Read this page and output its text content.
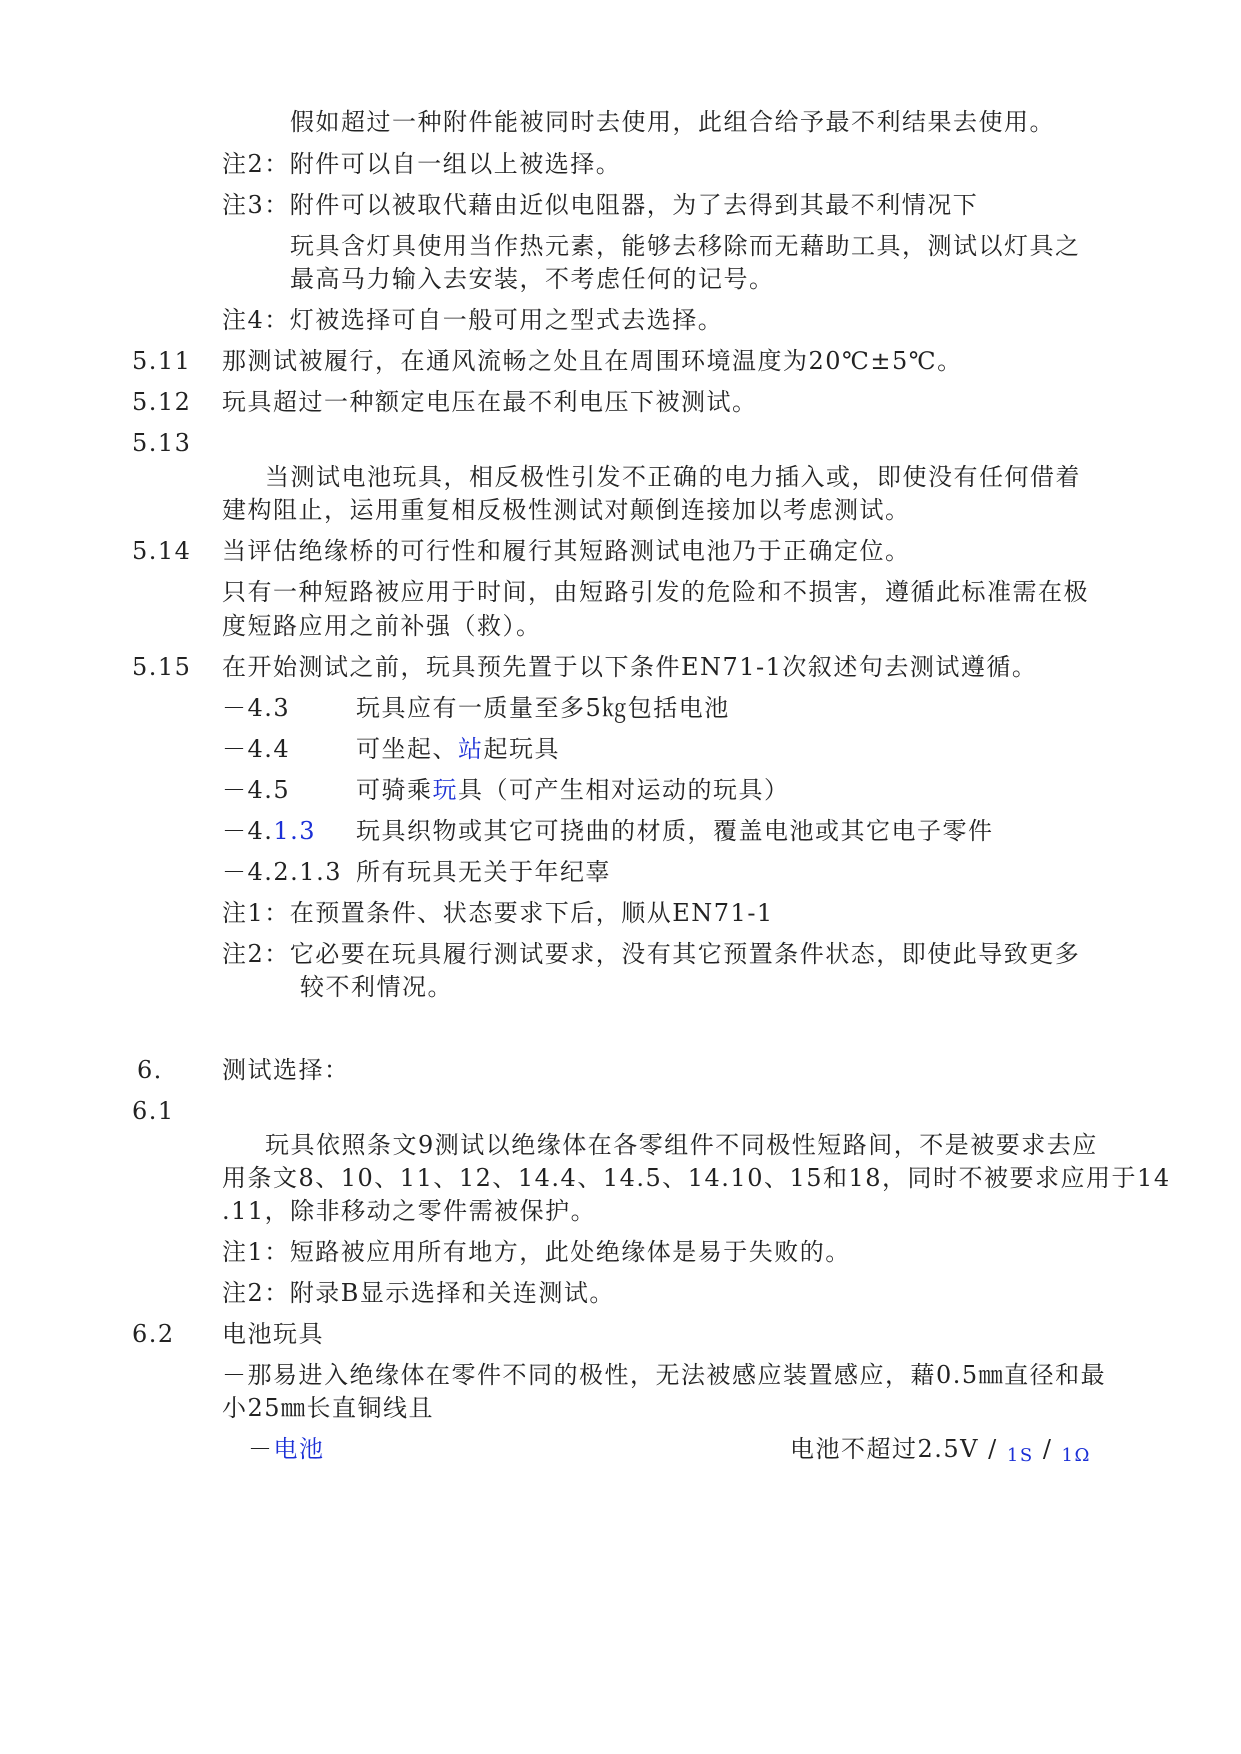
假如超过一种附件能被同时去使用，此组合给予最不利结果去使用。
注2：附件可以自一组以上被选择。
注3：附件可以被取代藉由近似电阻器，为了去得到其最不利情况下
玩具含灯具使用当作热元素，能够去移除而无藉助工具，测试以灯具之
最高马力输入去安装，不考虑任何的记号。
注4：灯被选择可自一般可用之型式去选择。
5.11 那测试被履行，在通风流畅之处且在周围环境温度为20℃±5℃。
5.12 玩具超过一种额定电压在最不利电压下被测试。
5.13
当测试电池玩具，相反极性引发不正确的电力插入或，即使没有任何借着
建构阻止，运用重复相反极性测试对颠倒连接加以考虑测试。
5.14 当评估绝缘桥的可行性和履行其短路测试电池乃于正确定位。
只有一种短路被应用于时间，由短路引发的危险和不损害，遵循此标准需在极
度短路应用之前补强（救）。
5.15 在开始测试之前，玩具预先置于以下条件EN71-1次叙述句去测试遵循。
－4.3	玩具应有一质量至多5㎏包括电池
－4.4	可坐起、站起玩具
－4.5	可骑乘玩具（可产生相对运动的玩具）
－4.1.3 玩具织物或其它可挠曲的材质，覆盖电池或其它电子零件
－4.2.1.3 所有玩具无关于年纪辜
注1：在预置条件、状态要求下后，顺从EN71-1
注2：它必要在玩具履行测试要求，没有其它预置条件状态，即使此导致更多
较不利情况。
6． 测试选择：
6.1
玩具依照条文9测试以绝缘体在各零组件不同极性短路间，不是被要求去应
用条文8、10、11、12、14.4、14.5、14.10、15和18，同时不被要求应用于14
.11，除非移动之零件需被保护。
注1：短路被应用所有地方，此处绝缘体是易于失败的。
注2：附录B显示选择和关连测试。
6.2 电池玩具
－那易进入绝缘体在零件不同的极性，无法被感应装置感应，藉0.5㎜直径和最
小25㎜长直铜线且
－电池	电池不超过2.5V / 1S / 1Ω
